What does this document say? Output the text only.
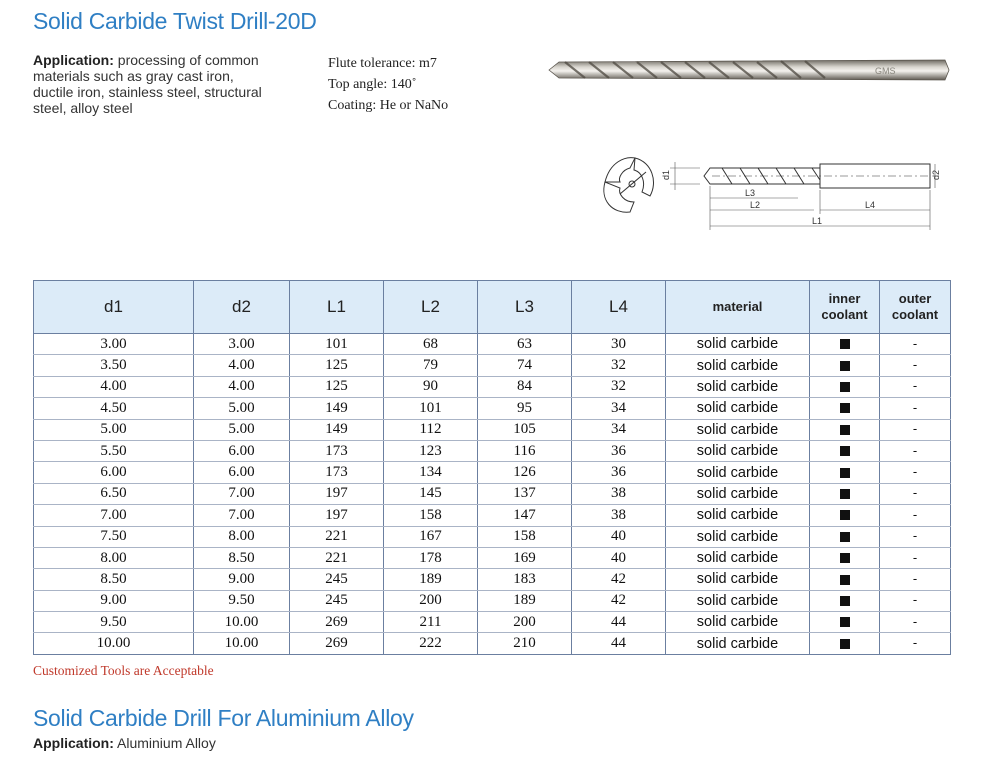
Solid Carbide Twist Drill-20D
Application: processing of common materials such as gray cast iron, ductile iron, stainless steel, structural steel, alloy steel
Flute tolerance: m7
Top angle: 140˚
Coating: He or NaNo
GMS
d1	d2
L3
L2	L4
L1
d1	d2	L1	L2	L3	L4	material	inner coolant	outer coolant
3.00	3.00	101	68	63	30	solid carbide		-
3.50	4.00	125	79	74	32	solid carbide		-
4.00	4.00	125	90	84	32	solid carbide		-
4.50	5.00	149	101	95	34	solid carbide		-
5.00	5.00	149	112	105	34	solid carbide		-
5.50	6.00	173	123	116	36	solid carbide		-
6.00	6.00	173	134	126	36	solid carbide		-
6.50	7.00	197	145	137	38	solid carbide		-
7.00	7.00	197	158	147	38	solid carbide		-
7.50	8.00	221	167	158	40	solid carbide		-
8.00	8.50	221	178	169	40	solid carbide		-
8.50	9.00	245	189	183	42	solid carbide		-
9.00	9.50	245	200	189	42	solid carbide		-
9.50	10.00	269	211	200	44	solid carbide		-
10.00	10.00	269	222	210	44	solid carbide		-
Customized Tools are Acceptable
Solid Carbide Drill For Aluminium Alloy
Application: Aluminium Alloy
